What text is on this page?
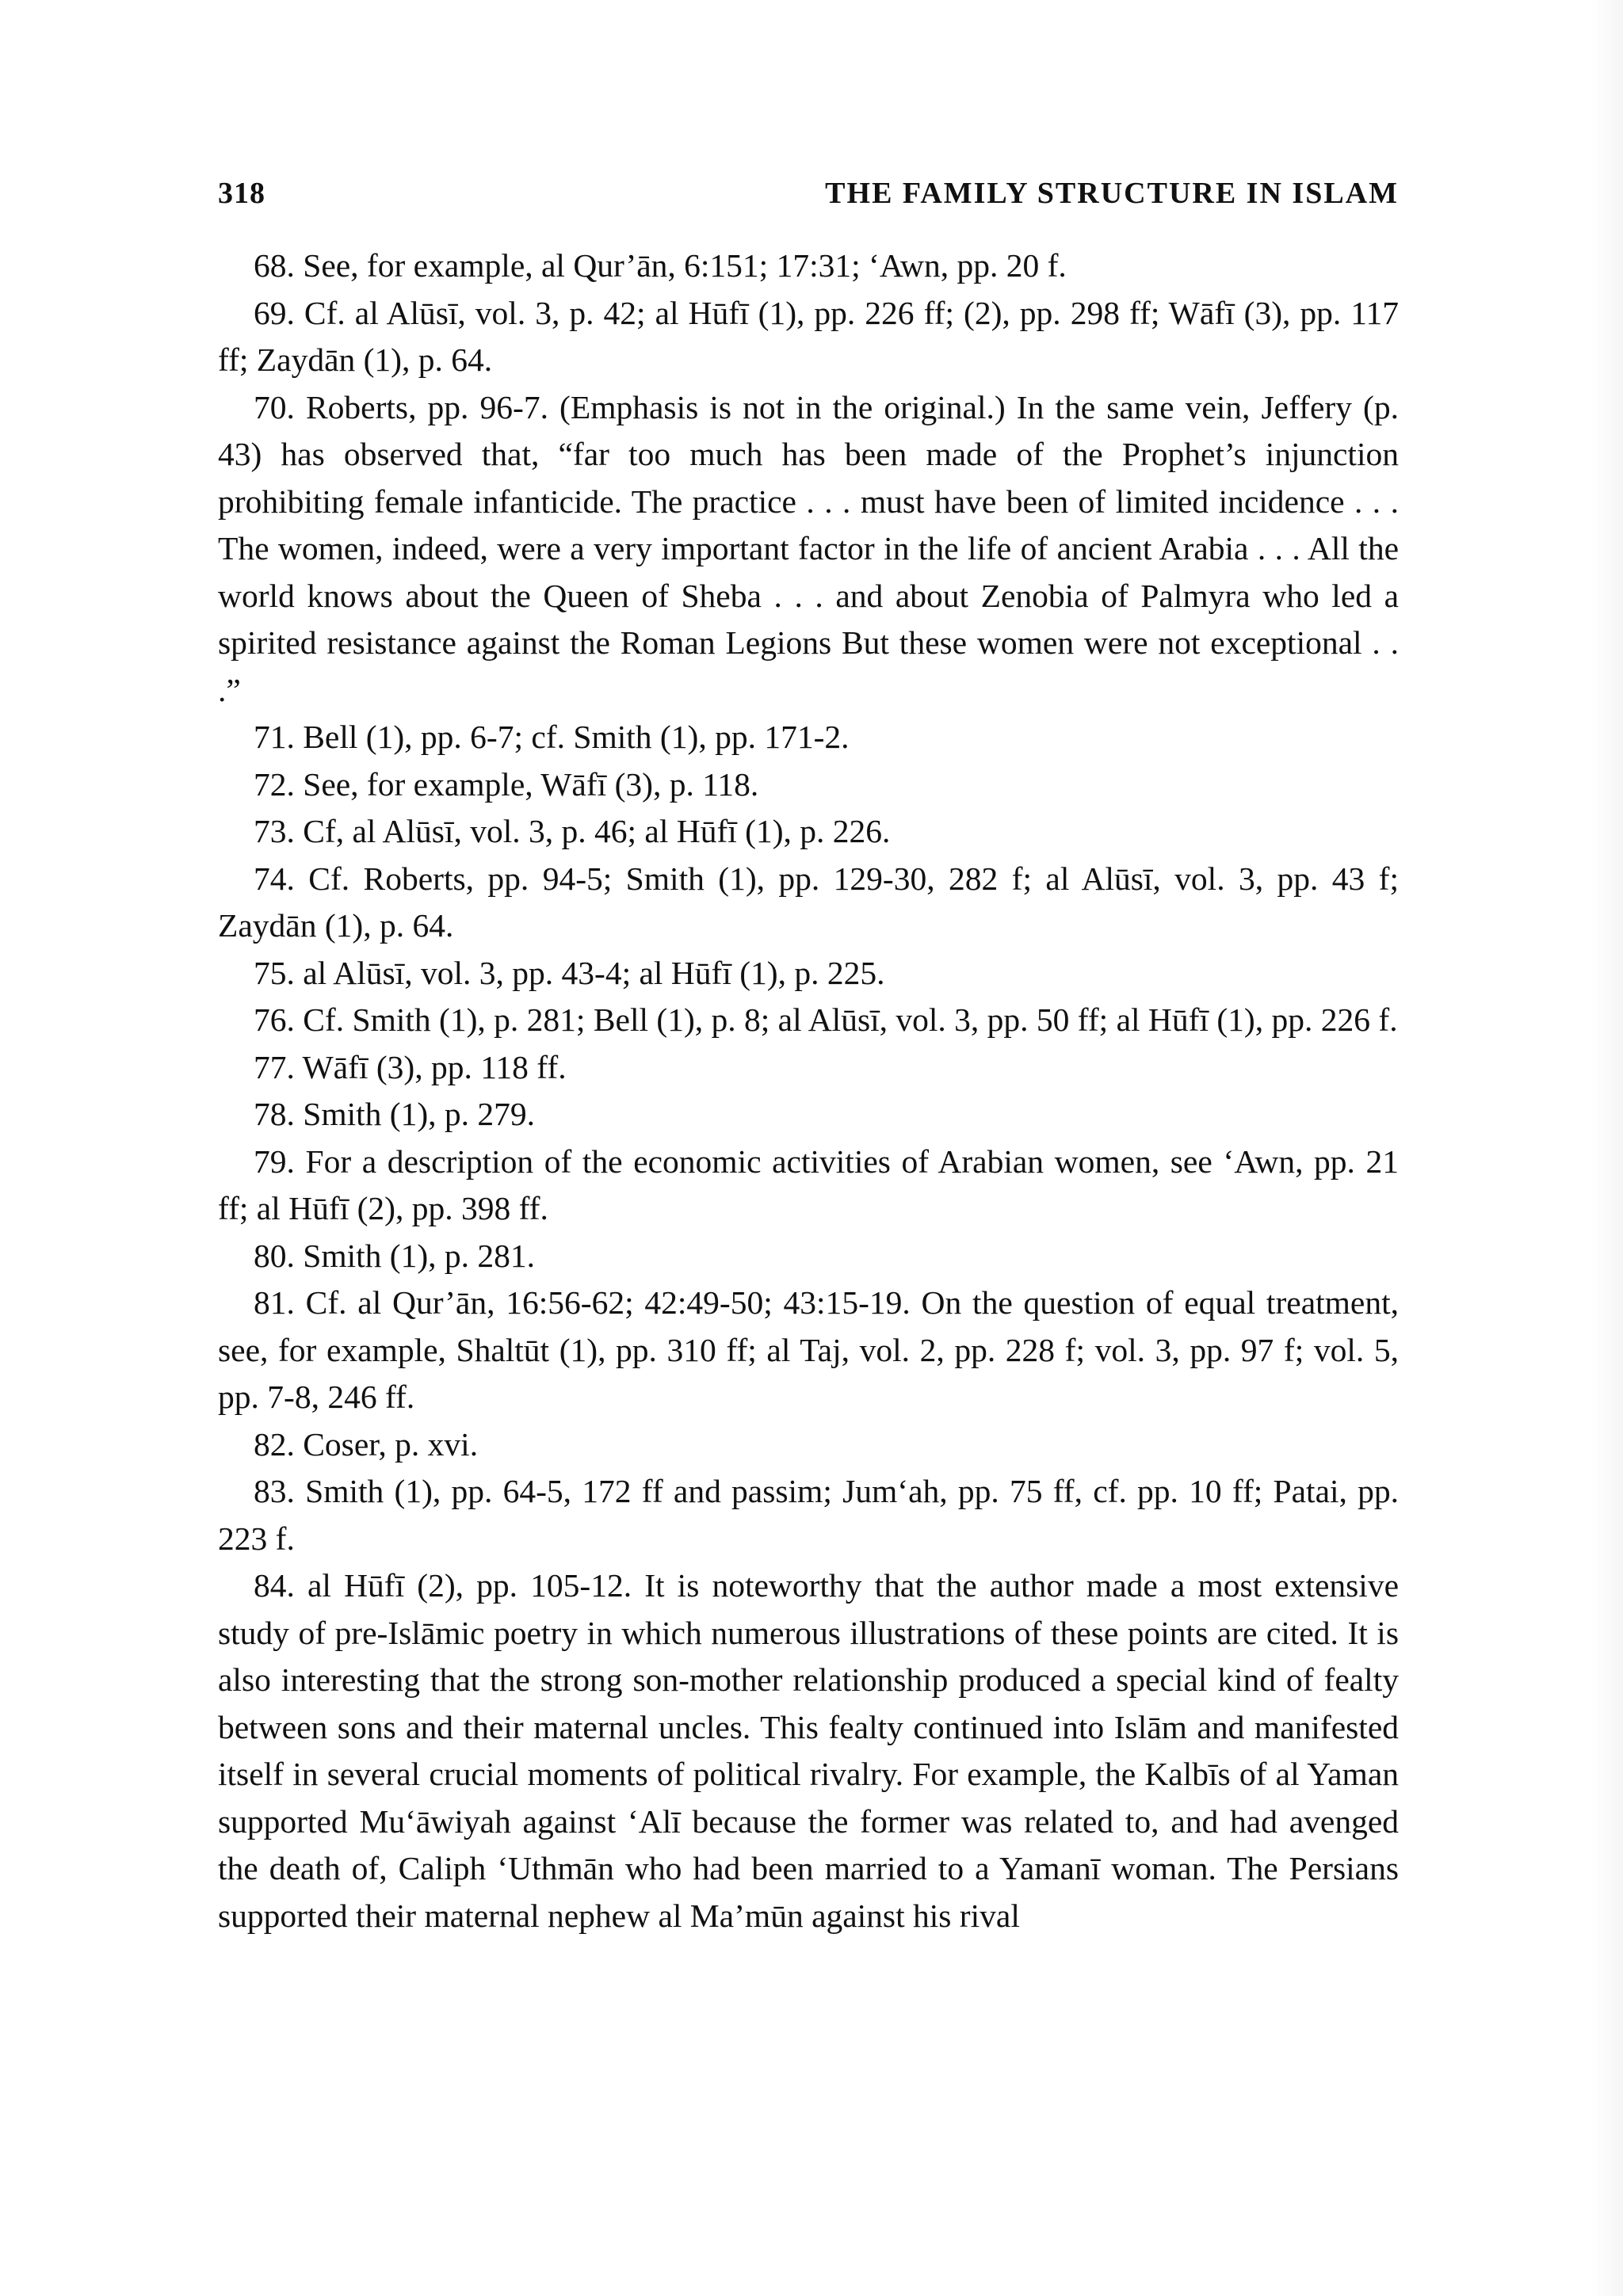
318	THE FAMILY STRUCTURE IN ISLAM

68. See, for example, al Qur’ān, 6:151; 17:31; ‘Awn, pp. 20 f.

69. Cf. al Alūsī, vol. 3, p. 42; al Hūfī (1), pp. 226 ff; (2), pp. 298 ff; Wāfī (3), pp. 117 ff; Zaydān (1), p. 64.

70. Roberts, pp. 96-7. (Emphasis is not in the original.) In the same vein, Jeffery (p. 43) has observed that, “far too much has been made of the Prophet’s injunction prohibiting female infanticide. The practice . . . must have been of limited incidence . . . The women, indeed, were a very important factor in the life of ancient Arabia . . . All the world knows about the Queen of Sheba . . . and about Zenobia of Palmyra who led a spirited resistance against the Roman Legions But these women were not exceptional . . .”

71. Bell (1), pp. 6-7; cf. Smith (1), pp. 171-2.

72. See, for example, Wāfī (3), p. 118.

73. Cf, al Alūsī, vol. 3, p. 46; al Hūfī (1), p. 226.

74. Cf. Roberts, pp. 94-5; Smith (1), pp. 129-30, 282 f; al Alūsī, vol. 3, pp. 43 f; Zaydān (1), p. 64.

75. al Alūsī, vol. 3, pp. 43-4; al Hūfī (1), p. 225.

76. Cf. Smith (1), p. 281; Bell (1), p. 8; al Alūsī, vol. 3, pp. 50 ff; al Hūfī (1), pp. 226 f.

77. Wāfī (3), pp. 118 ff.

78. Smith (1), p. 279.

79. For a description of the economic activities of Arabian women, see ‘Awn, pp. 21 ff; al Hūfī (2), pp. 398 ff.

80. Smith (1), p. 281.

81. Cf. al Qur’ān, 16:56-62; 42:49-50; 43:15-19. On the question of equal treatment, see, for example, Shaltūt (1), pp. 310 ff; al Taj, vol. 2, pp. 228 f; vol. 3, pp. 97 f; vol. 5, pp. 7-8, 246 ff.

82. Coser, p. xvi.

83. Smith (1), pp. 64-5, 172 ff and passim; Jum‘ah, pp. 75 ff, cf. pp. 10 ff; Patai, pp. 223 f.

84. al Hūfī (2), pp. 105-12. It is noteworthy that the author made a most extensive study of pre-Islāmic poetry in which numerous illustrations of these points are cited. It is also interesting that the strong son-mother relationship produced a special kind of fealty between sons and their maternal uncles. This fealty continued into Islām and manifested itself in several crucial moments of political rivalry. For example, the Kalbīs of al Yaman supported Mu‘āwiyah against ‘Alī because the former was related to, and had avenged the death of, Caliph ‘Uthmān who had been married to a Yamanī woman. The Persians supported their maternal nephew al Ma’mūn against his rival
